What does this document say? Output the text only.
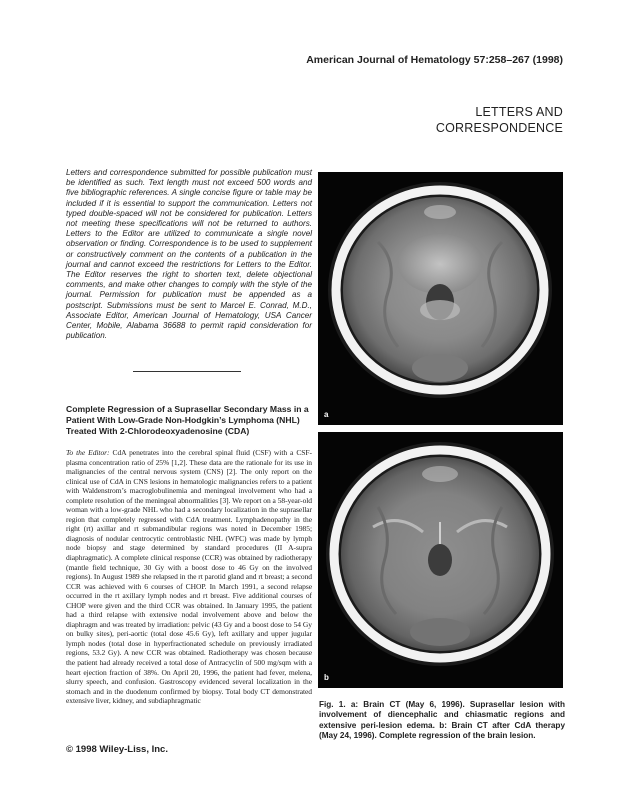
American Journal of Hematology 57:258–267 (1998)
LETTERS AND
CORRESPONDENCE
Letters and correspondence submitted for possible publication must be identified as such. Text length must not exceed 500 words and five bibliographic references. A single concise figure or table may be included if it is essential to support the communication. Letters not typed double-spaced will not be considered for publication. Letters not meeting these specifications will not be returned to authors. Letters to the Editor are utilized to communicate a single novel observation or finding. Correspondence is to be used to supplement or constructively comment on the contents of a publication in the journal and cannot exceed the restrictions for Letters to the Editor. The Editor reserves the right to shorten text, delete objectional comments, and make other changes to comply with the style of the journal. Permission for publication must be appended as a postscript. Submissions must be sent to Marcel E. Conrad, M.D., Associate Editor, American Journal of Hematology, USA Cancer Center, Mobile, Alabama 36688 to permit rapid consideration for publication.
Complete Regression of a Suprasellar Secondary Mass in a Patient With Low-Grade Non-Hodgkin’s Lymphoma (NHL) Treated With 2-Chlorodeoxyadenosine (CDA)
To the Editor: CdA penetrates into the cerebral spinal fluid (CSF) with a CSF-plasma concentration ratio of 25% [1,2]. These data are the rationale for its use in malignancies of the central nervous system (CNS) [2]. The only report on the clinical use of CdA in CNS lesions in hematologic malignancies refers to a patient with Waldenstrom’s macroglobulinemia and meningeal involvement who had a complete resolution of the meningeal abnormalities [3]. We report on a 58-year-old woman with a low-grade NHL who had a secondary localization in the suprasellar region that completely regressed with CdA treatment. Lymphadenopathy in the right (rt) axillar and rt submandibular regions was noted in December 1985; diagnosis of nodular centrocytic centroblastic NHL (WFC) was made by lymph node biopsy and stage determined by standard procedures (II A-supra diaphragmatic). A complete clinical response (CCR) was obtained by radiotherapy (mantle field technique, 30 Gy with a boost dose to 46 Gy on the involved regions). In August 1989 she relapsed in the rt parotid gland and rt breast; a second CCR was achieved with 6 courses of CHOP. In March 1991, a second relapse occurred in the rt axillary lymph nodes and rt breast. Five additional courses of CHOP were given and the third CCR was obtained. In January 1995, the patient had a third relapse with extensive nodal involvement above and below the diaphragm and was treated by irradiation: pelvic (43 Gy and a boost dose to 54 Gy on bulky sites), peri-aortic (total dose 45.6 Gy), left axillary and upper jugular lymph nodes (total dose in hyperfractionated schedule on previously irradiated regions, 53.2 Gy). A new CCR was obtained. Radiotherapy was chosen because the patient had already received a total dose of Antracyclin of 500 mg/sqm with a heart ejection fraction of 38%. On April 20, 1996, the patient had fever, melena, slurry speech, and confusion. Gastroscopy evidenced several localization in the stomach and in the duodenum confirmed by biopsy. Total body CT demonstrated extensive liver, kidney, and subdiaphragmatic
© 1998 Wiley-Liss, Inc.
a
b
Fig. 1. a: Brain CT (May 6, 1996). Suprasellar lesion with involvement of diencephalic and chiasmatic regions and extensive peri-lesion edema. b: Brain CT after CdA therapy (May 24, 1996). Complete regression of the brain lesion.
